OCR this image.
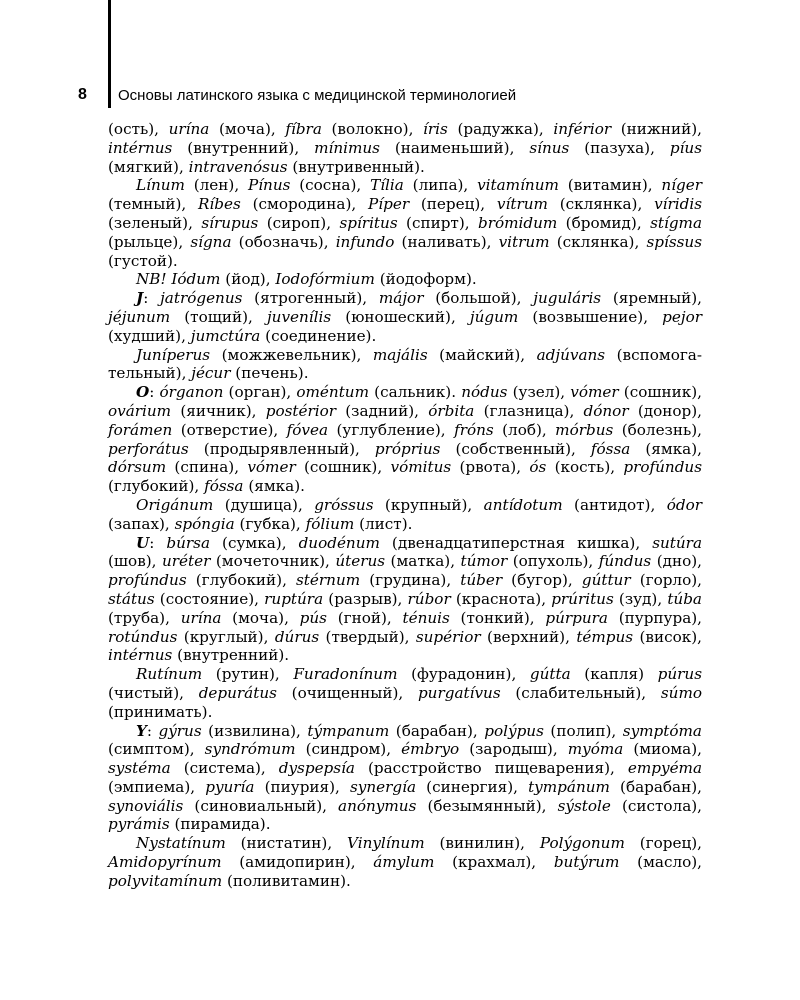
8	Основы латинского языка с медицинской терминологией

(ость), urína (моча), fíbra (волокно), íris (радужка), inférior (нижний), intérnus (внутренний), mínimus (наименьший), sínus (пазуха), píus (мягкий), intravenósus (внутривенный).

Línum (лен), Pínus (сосна), Tília (липа), vitamínum (витамин), níger (темный), Ríbes (смородина), Píper (перец), vítrum (склянка), víridis (зеленый), sírupus (сироп), spíritus (спирт), brómidum (бромид), stígma (рыльце), sígna (обозначь), infundo (наливать), vitrum (склянка), spíssus (густой).

NB! Iódum (йод), Iodofórmium (йодоформ).

J: jatrógenus (ятрогенный), májor (большой), juguláris (яремный), jéjunum (тощий), juvenílis (юношеский), júgum (возвышение), pejor (худший), jumctúra (соединение).

Juníperus (можжевельник), majális (майский), adjúvans (вспомогательный), jécur (печень).

O: órganon (орган), oméntum (сальник). nódus (узел), vómer (сошник), ovárium (яичник), postérior (задний), órbita (глазница), dónor (донор), forámen (отверстие), fóvea (углубление), fróns (лоб), mórbus (болезнь), perforátus (продырявленный), próprius (собственный), fóssa (ямка), dórsum (спина), vómer (сошник), vómitus (рвота), ós (кость), profúndus (глубокий), fóssa (ямка).

Origánum (душица), gróssus (крупный), antídotum (антидот), ódor (запах), spóngia (губка), fólium (лист).

U: búrsa (сумка), duodénum (двенадцатиперстная кишка), sutúra (шов), uréter (мочеточник), úterus (матка), túmor (опухоль), fúndus (дно), profúndus (глубокий), stérnum (грудина), túber (бугор), gúttur (горло), státus (состояние), ruptúra (разрыв), rúbor (краснота), prúritus (зуд), túba (труба), urína (моча), pús (гной), ténuis (тонкий), púrpura (пурпура), rotúndus (круглый), dúrus (твердый), supérior (верхний), témpus (висок), intérnus (внутренний).

Rutínum (рутин), Furadonínum (фурадонин), gútta (капля) púrus (чистый), depurátus (очищенный), purgatívus (слабительный), súmo (принимать).

Y: gýrus (извилина), týmpanum (барабан), polýpus (полип), symptóma (симптом), syndrómum (синдром), émbryo (зародыш), myóma (миома), systéma (система), dyspepsía (расстройство пищеварения), empyéma (эмпиема), pyuría (пиурия), synergía (синергия), tympánum (барабан), synoviális (синовиальный), anónymus (безымянный), sýstole (систола), pyrámis (пирамида).

Nystatínum (нистатин), Vinylínum (винилин), Polýgonum (горец), Amidopyrínum (амидопирин), ámylum (крахмал), butýrum (масло), polyvitamínum (поливитамин).
